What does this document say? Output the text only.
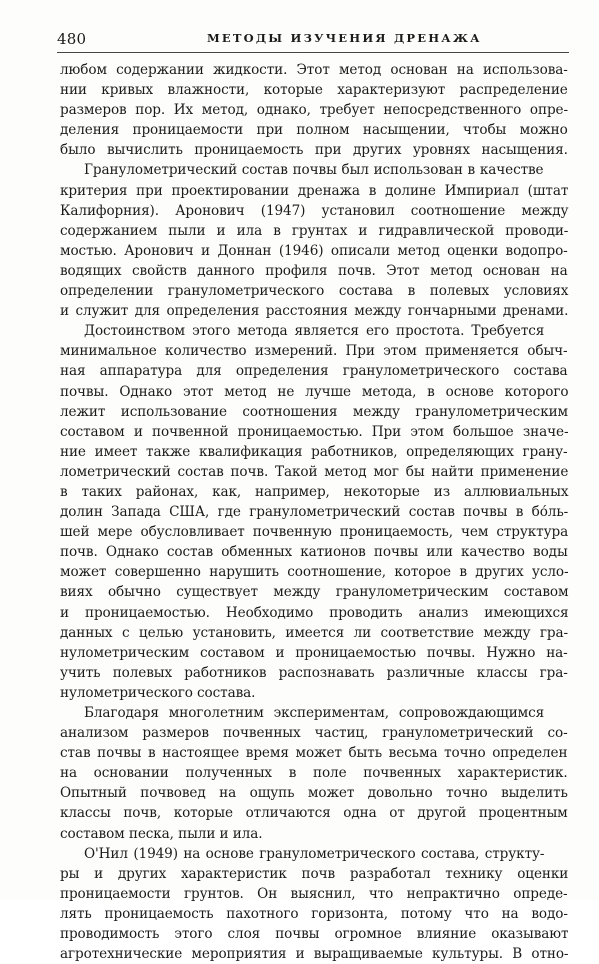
480	МЕТОДЫ ИЗУЧЕНИЯ ДРЕНАЖА
любом содержании жидкости. Этот метод основан на использова-
нии кривых влажности, которые характеризуют распределение
размеров пор. Их метод, однако, требует непосредственного опре-
деления проницаемости при полном насыщении, чтобы можно
было вычислить проницаемость при других уровнях насыщения.
Гранулометрический состав почвы был использован в качестве
критерия при проектировании дренажа в долине Импириал (штат
Калифорния). Аронович (1947) установил соотношение между
содержанием пыли и ила в грунтах и гидравлической проводи-
мостью. Аронович и Доннан (1946) описали метод оценки водопро-
водящих свойств данного профиля почв. Этот метод основан на
определении гранулометрического состава в полевых условиях
и служит для определения расстояния между гончарными дренами.
Достоинством этого метода является его простота. Требуется
минимальное количество измерений. При этом применяется обыч-
ная аппаратура для определения гранулометрического состава
почвы. Однако этот метод не лучше метода, в основе которого
лежит использование соотношения между гранулометрическим
составом и почвенной проницаемостью. При этом большое значе-
ние имеет также квалификация работников, определяющих грану-
лометрический состав почв. Такой метод мог бы найти применение
в таких районах, как, например, некоторые из аллювиальных
долин Запада США, где гранулометрический состав почвы в бо́ль-
шей мере обусловливает почвенную проницаемость, чем структура
почв. Однако состав обменных катионов почвы или качество воды
может совершенно нарушить соотношение, которое в других усло-
виях обычно существует между гранулометрическим составом
и проницаемостью. Необходимо проводить анализ имеющихся
данных с целью установить, имеется ли соответствие между гра-
нулометрическим составом и проницаемостью почвы. Нужно на-
учить полевых работников распознавать различные классы гра-
нулометрического состава.
Благодаря многолетним экспериментам, сопровождающимся
анализом размеров почвенных частиц, гранулометрический со-
став почвы в настоящее время может быть весьма точно определен
на основании полученных в поле почвенных характеристик.
Опытный почвовед на ощупь может довольно точно выделить
классы почв, которые отличаются одна от другой процентным
составом песка, пыли и ила.
О'Нил (1949) на основе гранулометрического состава, структу-
ры и других характеристик почв разработал технику оценки
проницаемости грунтов. Он выяснил, что непрактично опреде-
лять проницаемость пахотного горизонта, потому что на водо-
проводимость этого слоя почвы огромное влияние оказывают
агротехнические мероприятия и выращиваемые культуры. В отно-
